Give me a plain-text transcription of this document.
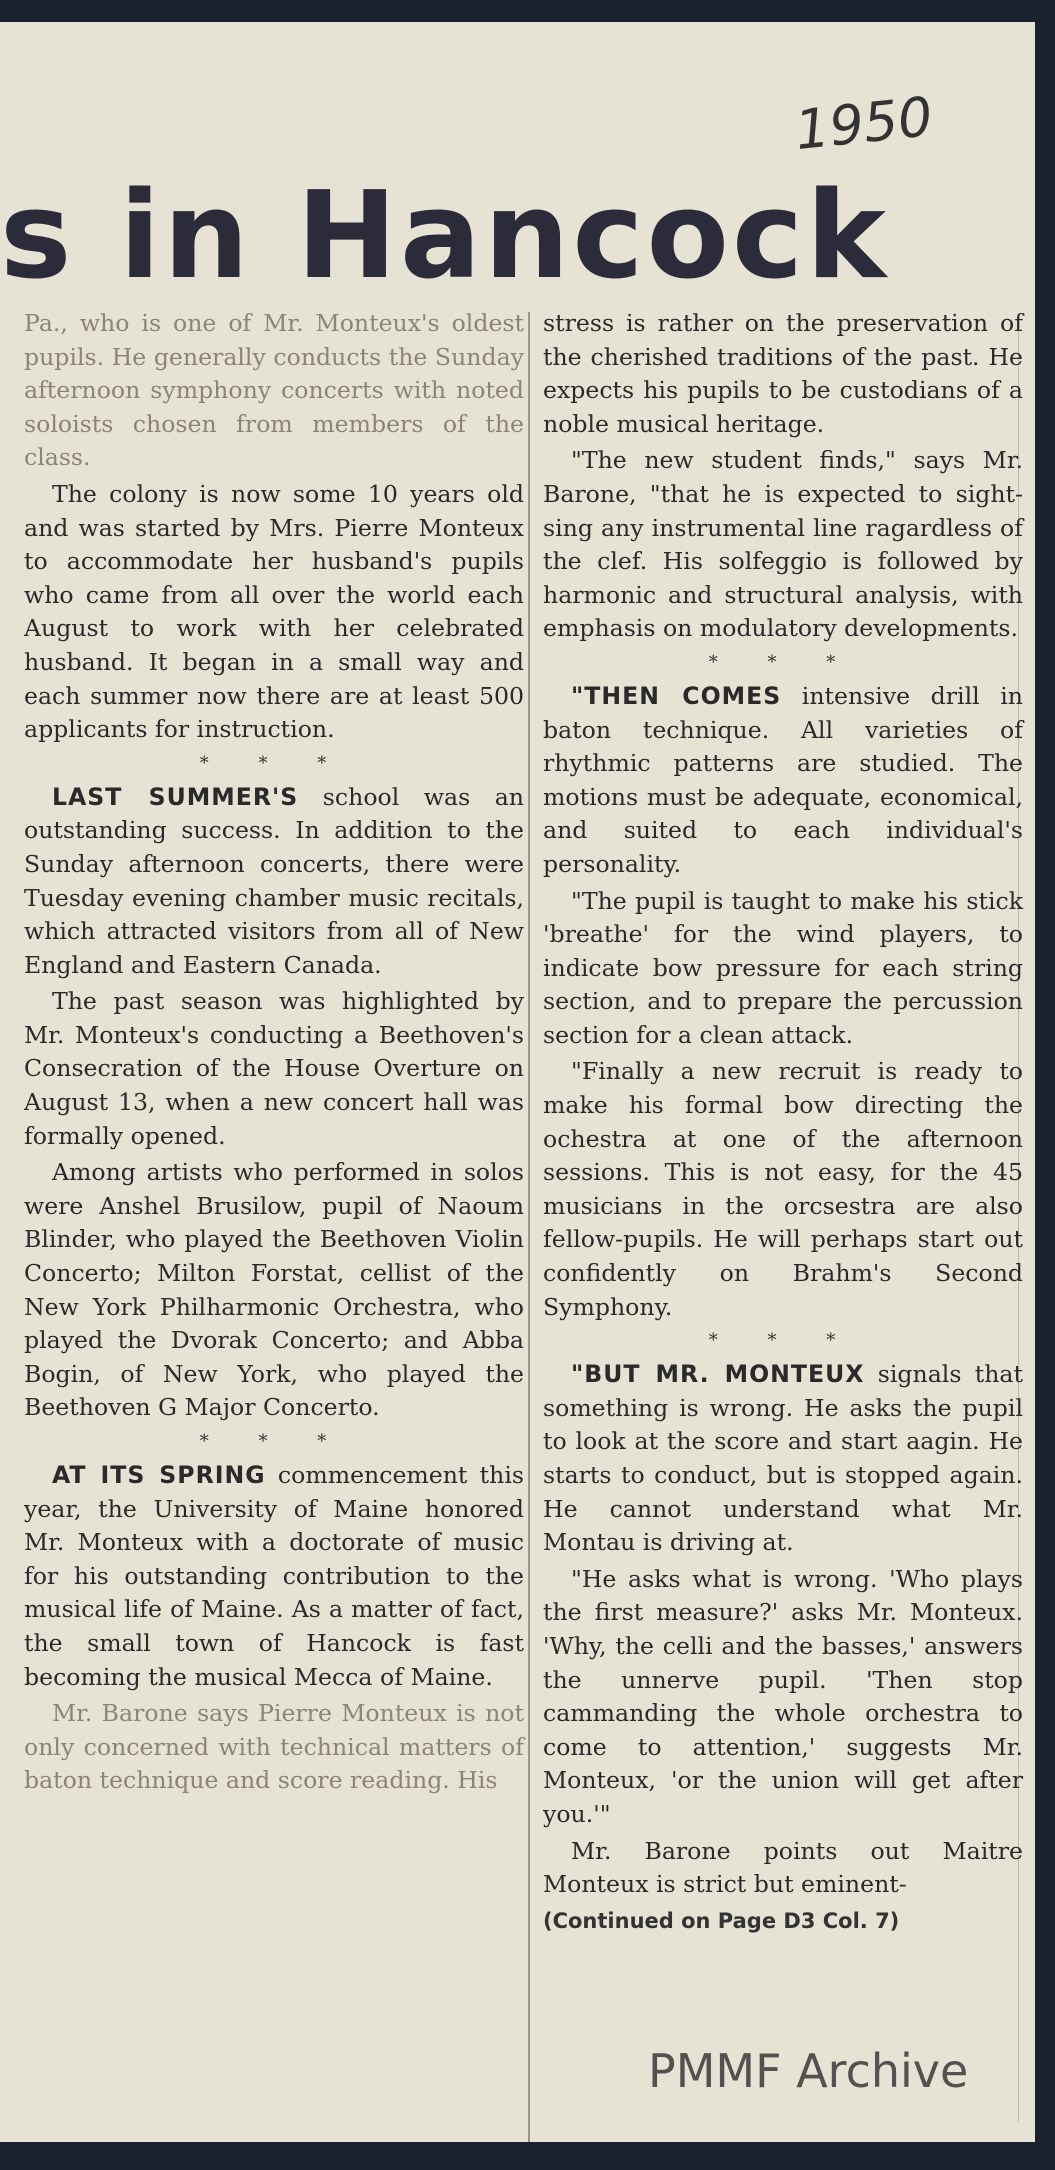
1950
s in Hancock

Pa., who is one of Mr. Monteux's oldest pupils. He generally conducts the Sunday afternoon symphony concerts with noted soloists chosen from members of the class.

The colony is now some 10 years old and was started by Mrs. Pierre Monteux to accommodate her husband's pupils who came from all over the world each August to work with her celebrated husband. It began in a small way and each summer now there are at least 500 applicants for instruction.

* * *

LAST SUMMER'S school was an outstanding success. In addition to the Sunday afternoon concerts, there were Tuesday evening chamber music recitals, which attracted visitors from all of New England and Eastern Canada.

The past season was highlighted by Mr. Monteux's conducting a Beethoven's Consecration of the House Overture on August 13, when a new concert hall was formally opened.

Among artists who performed in solos were Anshel Brusilow, pupil of Naoum Blinder, who played the Beethoven Violin Concerto; Milton Forstat, cellist of the New York Philharmonic Orchestra, who played the Dvorak Concerto; and Abba Bogin, of New York, who played the Beethoven G Major Concerto.

* * *

AT ITS SPRING commencement this year, the University of Maine honored Mr. Monteux with a doctorate of music for his outstanding contribution to the musical life of Maine. As a matter of fact, the small town of Hancock is fast becoming the musical Mecca of Maine.

Mr. Barone says Pierre Monteux is not only concerned with technical matters of baton technique and score reading. His

stress is rather on the preservation of the cherished traditions of the past. He expects his pupils to be custodians of a noble musical heritage.

"The new student finds," says Mr. Barone, "that he is expected to sight-sing any instrumental line ragardless of the clef. His solfeggio is followed by harmonic and structural analysis, with emphasis on modulatory developments.

* * *

"THEN COMES intensive drill in baton technique. All varieties of rhythmic patterns are studied. The motions must be adequate, economical, and suited to each individual's personality.

"The pupil is taught to make his stick 'breathe' for the wind players, to indicate bow pressure for each string section, and to prepare the percussion section for a clean attack.

"Finally a new recruit is ready to make his formal bow directing the ochestra at one of the afternoon sessions. This is not easy, for the 45 musicians in the orcsestra are also fellow-pupils. He will perhaps start out confidently on Brahm's Second Symphony.

* * *

"BUT MR. MONTEUX signals that something is wrong. He asks the pupil to look at the score and start aagin. He starts to conduct, but is stopped again. He cannot understand what Mr. Montau is driving at.

"He asks what is wrong. 'Who plays the first measure?' asks Mr. Monteux. 'Why, the celli and the basses,' answers the unnerve pupil. 'Then stop cammanding the whole orchestra to come to attention,' suggests Mr. Monteux, 'or the union will get after you.'"

Mr. Barone points out Maitre Monteux is strict but eminent-

(Continued on Page D3 Col. 7)

PMMF Archive
